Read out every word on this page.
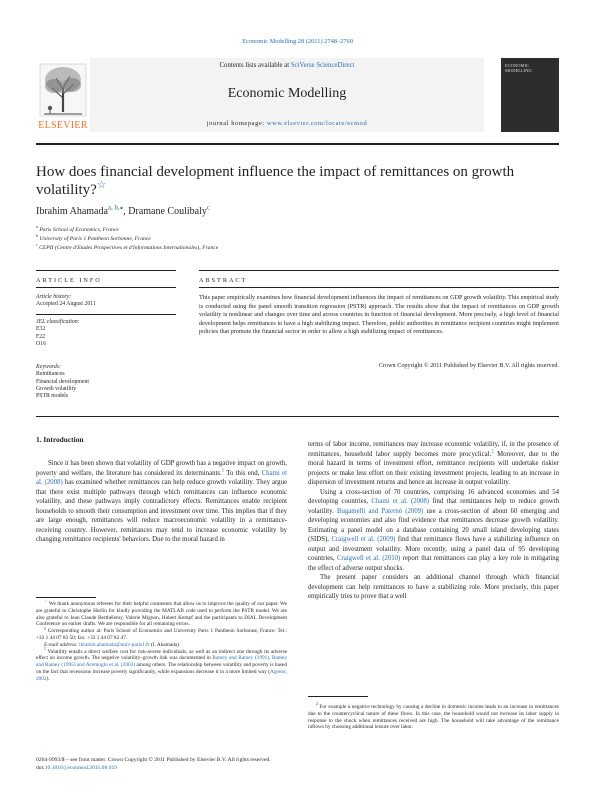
Economic Modelling 28 (2011) 2748–2760
Contents lists available at SciVerse ScienceDirect
Economic Modelling
journal homepage: www.elsevier.com/locate/ecmod
ELSEVIER
ECONOMIC MODELLING
How does financial development influence the impact of remittances on growth volatility?☆
Ibrahim Ahamada$^{a, b,⁎}$, Dramane Coulibaly$^c$
$^a$ Paris School of Economics, France
$^b$ University of Paris 1 Pantheon Sorbonne, France
$^c$ CEPII (Centre d'Etudes Prospectives et d'Informations Internationales), France
ARTICLE INFO	ABSTRACT
Article history:
Accepted 24 August 2011
JEL classification:
E32
F22
O16
Keywords:
Remittances
Financial development
Growth volatility
PSTR models
This paper empirically examines how financial development influences the impact of remittances on GDP growth volatility. This empirical study is conducted using the panel smooth transition regression (PSTR) approach. The results show that the impact of remittances on GDP growth volatility is nonlinear and changes over time and across countries in function of financial development. More precisely, a high level of financial development helps remittances to have a high stabilizing impact. Therefore, public authorities in remittance recipient countries might implement policies that promote the financial sector in order to allow a high stabilizing impact of remittances.
Crown Copyright © 2011 Published by Elsevier B.V. All rights reserved.
1. Introduction

Since it has been shown that volatility of GDP growth has a negative impact on growth, poverty and welfare, the literature has considered its determinants.$^1$ To this end, Chami et al. (2008) has examined whether remittances can help reduce growth volatility. They argue that there exist multiple pathways through which remittances can influence economic volatility, and these pathways imply contradictory effects. Remittances enable recipient households to smooth their consumption and investment over time. This implies that if they are large enough, remittances will reduce macroeconomic volatility in a remittance-receiving country. However, remittances may tend to increase economic volatility by changing remittance recipients' behaviors. Due to the moral hazard in

terms of labor income, remittances may increase economic volatility, if, in the presence of remittances, household labor supply becomes more procyclical.$^2$ Moreover, due to the moral hazard in terms of investment effort, remittance recipients will undertake riskier projects or make less effort on their existing investment projects, leading to an increase in dispersion of investment returns and hence an increase in output volatility.

Using a cross-section of 70 countries, comprising 16 advanced economies and 54 developing countries, Chami et al. (2008) find that remittances help to reduce growth volatility. Bugamelli and Paternò (2009) use a cross-section of about 60 emerging and developing economies and also find evidence that remittances decrease growth volatility. Estimating a panel model on a database containing 20 small island developing states (SIDS), Craigwell et al. (2009) find that remittance flows have a stabilizing influence on output and investment volatility. More recently, using a panel data of 95 developing countries, Craigwell et al. (2010) report that remittances can play a key role in mitigating the effect of adverse output shocks.

The present paper considers an additional channel through which financial development can help remittances to have a stabilizing role. More precisely, this paper empirically tries to prove that a well

☆ We thank anonymous referees for their helpful comments that allow us to improve the quality of our paper. We are grateful to Christophe Hurlin for kindly providing the MATLAB code used to perform the PSTR model. We are also grateful to Jean Claude Berthélemy, Valerie Mignon, Hubert Kempf and the participants to DIAL Development Conference on earlier drafts. We are responsible for all remaining errors.

⁎ Corresponding author at: Paris School of Economics and University Paris 1 Pantheon Sorbonne, France. Tel.: +33 1 44 07 83 50; fax: +33 1 44 07 82 47.

E-mail address: ibrahim.ahamada@univ-paris1.fr (I. Ahamada).

$^1$ Volatility entails a direct welfare cost for risk-averse individuals, as well as an indirect one through its adverse effect on income growth. The negative volatility–growth link was documented in Ramey and Ramey (1991), Ramey and Ramey (1995) and Acemoglu et al. (2003) among others. The relationship between volatility and poverty is based on the fact that recessions increase poverty significantly, while expansions decrease it in a more limited way (Agenor, 2002).

$^2$ For example a negative technology by causing a decline in domestic income leads to an increase in remittances due to the countercyclical nature of these flows. In this case, the household would not increase its labor supply in response to the shock when remittances received are high. The household will take advantage of the remittance inflows by choosing additional leisure over labor.

0264-9993/$ – see front matter. Crown Copyright © 2011 Published by Elsevier B.V. All rights reserved.
doi:10.1016/j.econmod.2011.08.019
